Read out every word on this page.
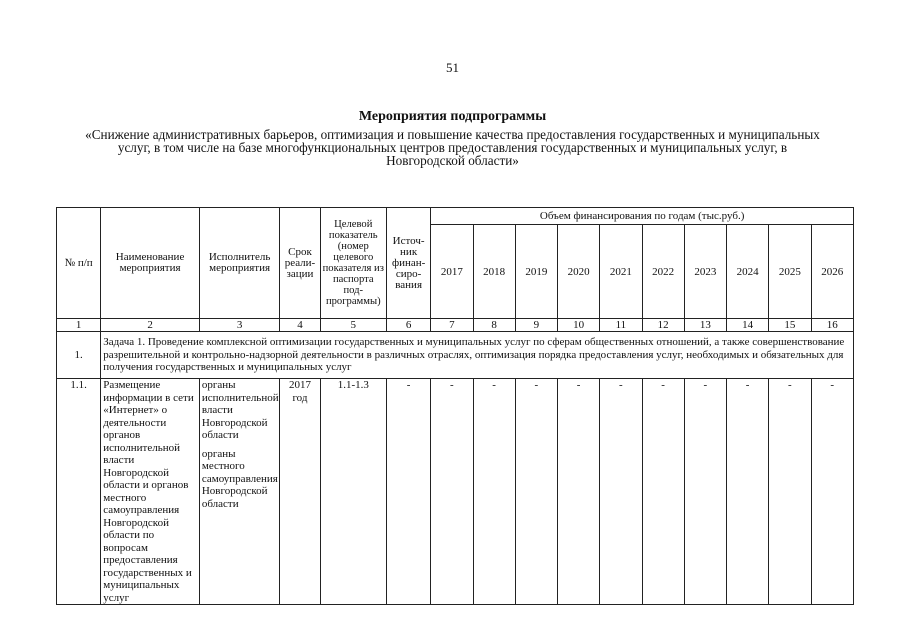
51
Мероприятия подпрограммы
«Снижение административных барьеров, оптимизация и повышение качества предоставления государственных и муниципальных услуг, в том числе на базе многофункциональных центров предоставления государственных и муниципальных услуг, в Новгородской области»
№ п/п	Наименование мероприятия	Исполнитель мероприятия	Срок реали-зации	Целевой показатель (номер целевого показателя из паспорта под-программы)	Источ-ник финан-сиро-вания	Объем финансирования по годам (тыс.руб.)									
						2017	2018	2019	2020	2021	2022	2023	2024	2025	2026
1	2	3	4	5	6	7	8	9	10	11	12	13	14	15	16
1.	Задача 1. Проведение комплексной оптимизации государственных и муниципальных услуг по сферам общественных отношений, а также совершенствование разрешительной и контрольно-надзорной деятельности в различных отраслях, оптимизация порядка предоставления услуг, необходимых и обязательных для получения государственных и муниципальных услуг														
1.1.	Размещение информации в сети «Интернет» о деятельности органов исполнительной власти Новгородской области и органов местного самоуправления Новгородской области по вопросам предоставления государственных и муниципальных услуг	органы исполнительной власти Новгородской области
органы местного самоуправления Новгородской области	2017 год	1.1-1.3	-	-	-	-	-	-	-	-	-	-	-
